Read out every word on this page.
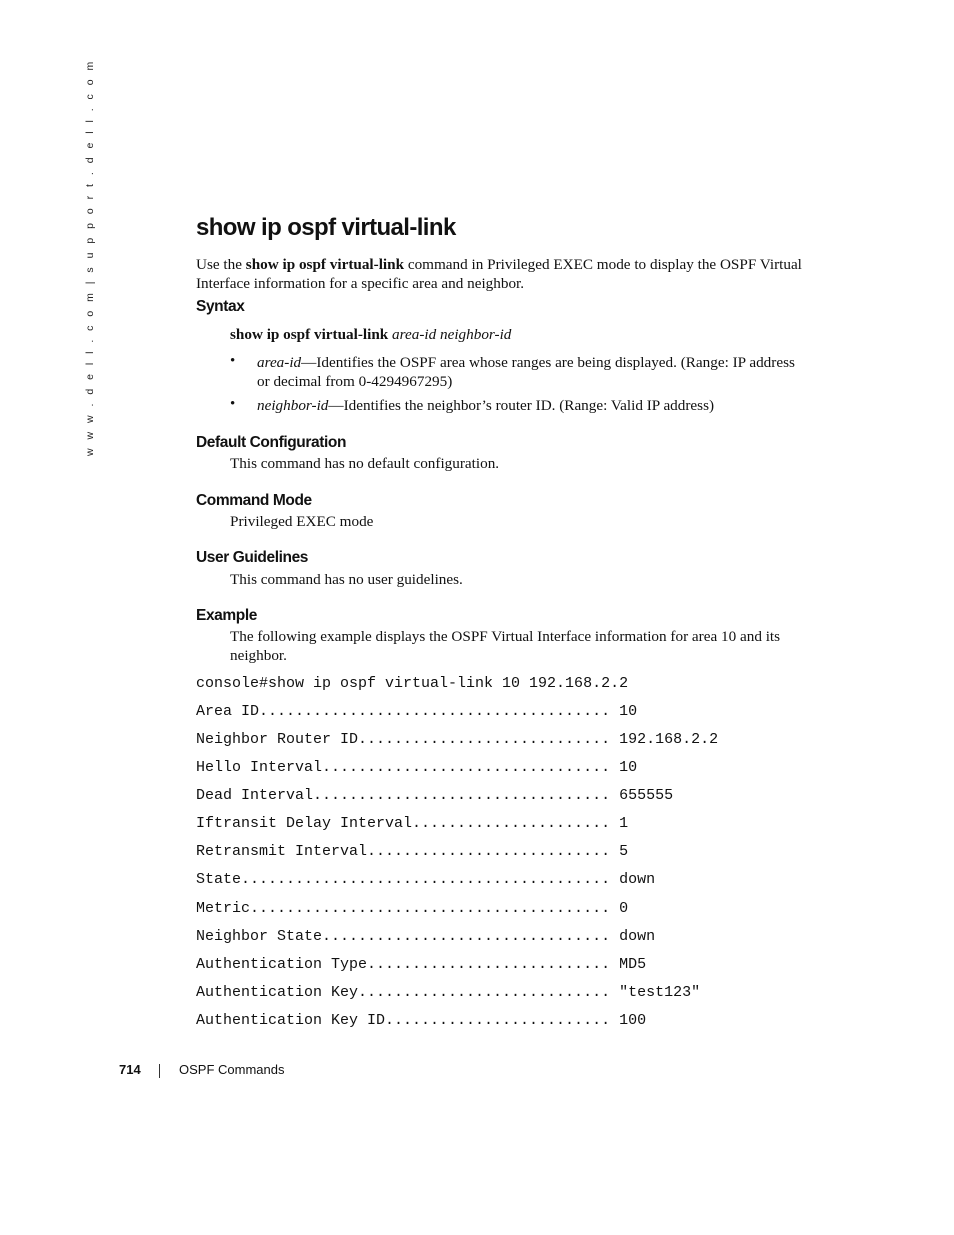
w w w . d e l l . c o m | s u p p o r t . d e l l . c o m	show ip ospf virtual-link
Use the show ip ospf virtual-link command in Privileged EXEC mode to display the OSPF Virtual
Interface information for a specific area and neighbor.
Syntax
show ip ospf virtual-link area-id neighbor-id
• area-id—Identifies the OSPF area whose ranges are being displayed. (Range: IP address
or decimal from 0-4294967295)
• neighbor-id—Identifies the neighbor’s router ID. (Range: Valid IP address)
Default Configuration
This command has no default configuration.
Command Mode
Privileged EXEC mode
User Guidelines
This command has no user guidelines.
Example
The following example displays the OSPF Virtual Interface information for area 10 and its
neighbor.
console#show ip ospf virtual-link 10 192.168.2.2
Area ID....................................... 10
Neighbor Router ID............................ 192.168.2.2
Hello Interval................................ 10
Dead Interval................................. 655555
Iftransit Delay Interval...................... 1
Retransmit Interval........................... 5
State......................................... down
Metric........................................ 0
Neighbor State................................ down
Authentication Type........................... MD5
Authentication Key............................ "test123"
Authentication Key ID......................... 100
714	OSPF Commands
